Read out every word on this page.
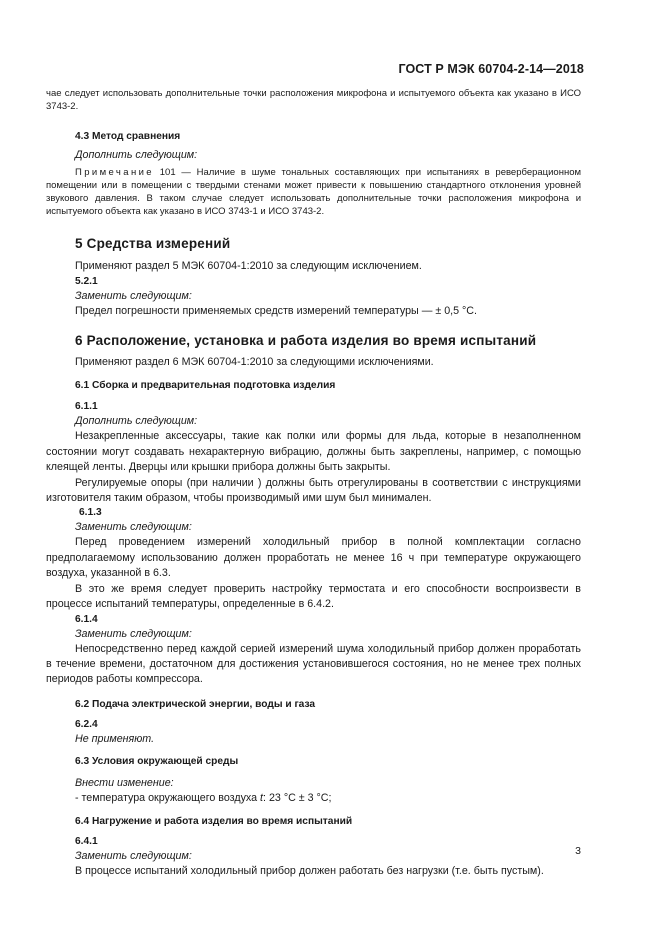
ГОСТ Р МЭК 60704-2-14—2018

чае следует использовать дополнительные точки расположения микрофона и испытуемого объекта как указано в ИСО 3743-2.

4.3 Метод сравнения

Дополнить следующим:

Примечание 101 — Наличие в шуме тональных составляющих при испытаниях в реверберационном помещении или в помещении с твердыми стенами может привести к повышению стандартного отклонения уровней звукового давления. В таком случае следует использовать дополнительные точки расположения микрофона и испытуемого объекта как указано в ИСО 3743-1 и ИСО 3743-2.

5 Средства измерений

Применяют раздел 5 МЭК 60704-1:2010 за следующим исключением.

5.2.1

Заменить следующим:

Предел погрешности применяемых средств измерений температуры — ± 0,5 °C.

6 Расположение, установка и работа изделия во время испытаний

Применяют раздел 6 МЭК 60704-1:2010 за следующими исключениями.

6.1 Сборка и предварительная подготовка изделия

6.1.1

Дополнить следующим:

Незакрепленные аксессуары, такие как полки или формы для льда, которые в незаполненном состоянии могут создавать нехарактерную вибрацию, должны быть закреплены, например, с помощью клеящей ленты. Дверцы или крышки прибора должны быть закрыты.

Регулируемые опоры (при наличии ) должны быть отрегулированы в соответствии с инструкциями изготовителя таким образом, чтобы производимый ими шум был минимален.

6.1.3

Заменить следующим:

Перед проведением измерений холодильный прибор в полной комплектации согласно предполагаемому использованию должен проработать не менее 16 ч при температуре окружающего воздуха, указанной в 6.3.

В это же время следует проверить настройку термостата и его способности воспроизвести в процессе испытаний температуры, определенные в 6.4.2.

6.1.4

Заменить следующим:

Непосредственно перед каждой серией измерений шума холодильный прибор должен проработать в течение времени, достаточном для достижения установившегося состояния, но не менее трех полных периодов работы компрессора.

6.2 Подача электрической энергии, воды и газа

6.2.4

Не применяют.

6.3 Условия окружающей среды

Внести изменение:

- температура окружающего воздуха t: 23 °C ± 3 °C;

6.4 Нагружение и работа изделия во время испытаний

6.4.1

Заменить следующим:

В процессе испытаний холодильный прибор должен работать без нагрузки (т.е. быть пустым).

3
